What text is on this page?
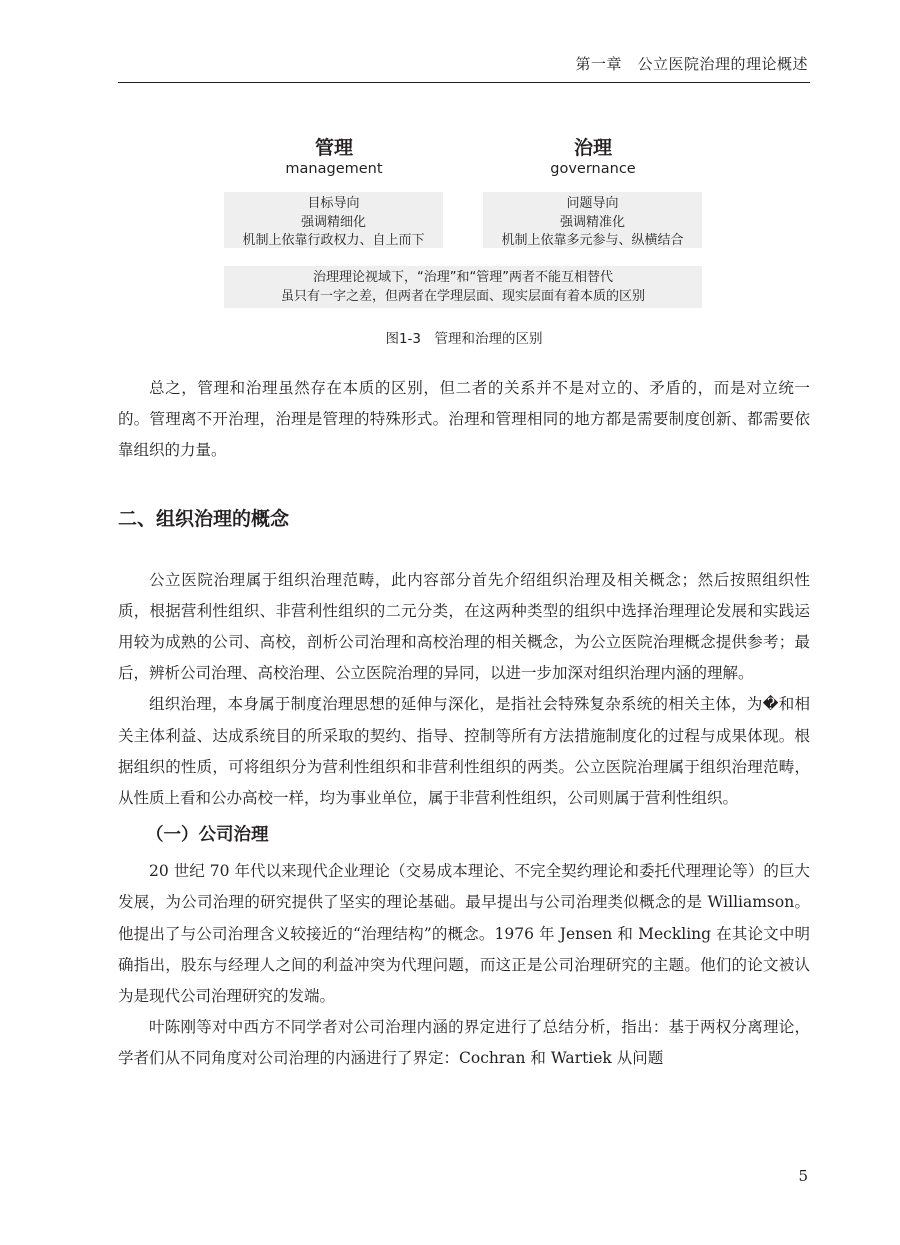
第一章　公立医院治理的理论概述
管理
management
治理
governance
目标导向
强调精细化
机制上依靠行政权力、自上而下
问题导向
强调精准化
机制上依靠多元参与、纵横结合
治理理论视域下，“治理”和“管理”两者不能互相替代
虽只有一字之差，但两者在学理层面、现实层面有着本质的区别
图1-3　管理和治理的区别

总之，管理和治理虽然存在本质的区别，但二者的关系并不是对立的、矛盾的，而是对立统一的。管理离不开治理，治理是管理的特殊形式。治理和管理相同的地方都是需要制度创新、都需要依靠组织的力量。

二、组织治理的概念

公立医院治理属于组织治理范畴，此内容部分首先介绍组织治理及相关概念；然后按照组织性质，根据营利性组织、非营利性组织的二元分类，在这两种类型的组织中选择治理理论发展和实践运用较为成熟的公司、高校，剖析公司治理和高校治理的相关概念，为公立医院治理概念提供参考；最后，辨析公司治理、高校治理、公立医院治理的异同，以进一步加深对组织治理内涵的理解。

组织治理，本身属于制度治理思想的延伸与深化，是指社会特殊复杂系统的相关主体，为�和相关主体利益、达成系统目的所采取的契约、指导、控制等所有方法措施制度化的过程与成果体现。根据组织的性质，可将组织分为营利性组织和非营利性组织的两类。公立医院治理属于组织治理范畴，从性质上看和公办高校一样，均为事业单位，属于非营利性组织，公司则属于营利性组织。

（一）公司治理

20 世纪 70 年代以来现代企业理论（交易成本理论、不完全契约理论和委托代理理论等）的巨大发展，为公司治理的研究提供了坚实的理论基础。最早提出与公司治理类似概念的是 Williamson。他提出了与公司治理含义较接近的“治理结构”的概念。1976 年 Jensen 和 Meckling 在其论文中明确指出，股东与经理人之间的利益冲突为代理问题，而这正是公司治理研究的主题。他们的论文被认为是现代公司治理研究的发端。

叶陈刚等对中西方不同学者对公司治理内涵的界定进行了总结分析，指出：基于两权分离理论，学者们从不同角度对公司治理的内涵进行了界定：Cochran 和 Wartiek 从问题

5
